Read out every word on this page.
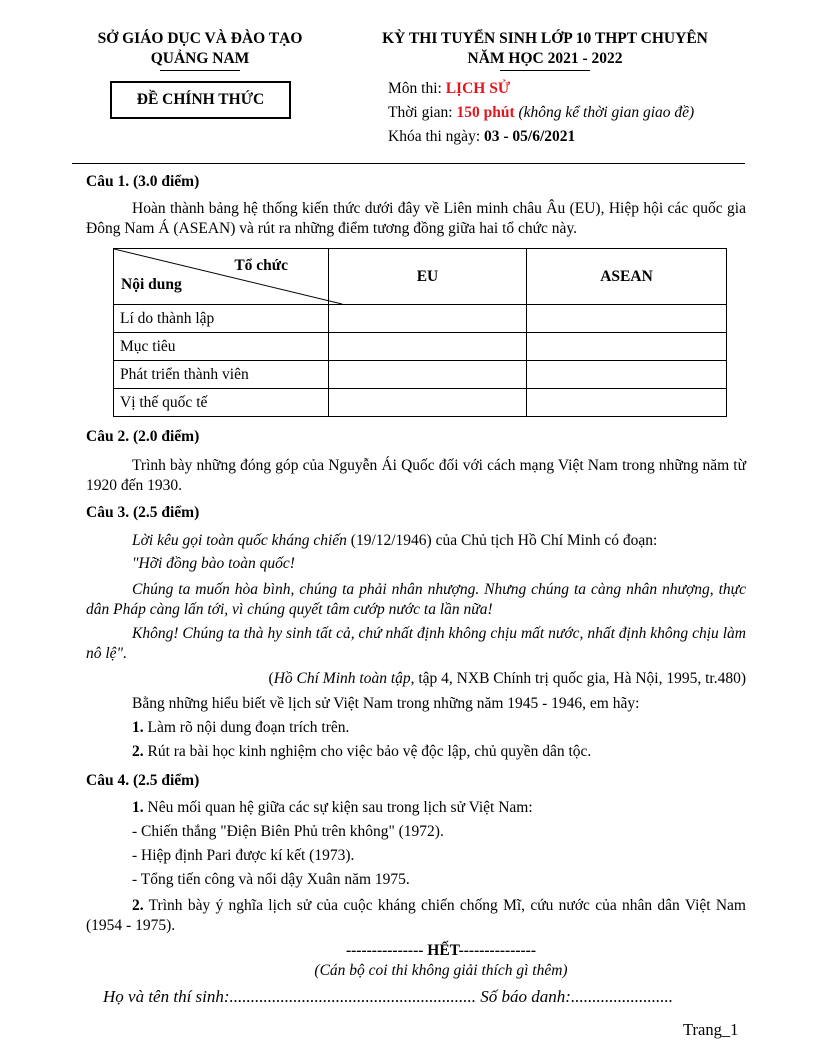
SỞ GIÁO DỤC VÀ ĐÀO TẠO
QUẢNG NAM
ĐỀ CHÍNH THỨC
KỲ THI TUYỂN SINH LỚP 10 THPT CHUYÊN
NĂM HỌC 2021 - 2022
Môn thi: LỊCH SỬ
Thời gian: 150 phút (không kể thời gian giao đề)
Khóa thi ngày: 03 - 05/6/2021
Câu 1. (3.0 điểm)
Hoàn thành bảng hệ thống kiến thức dưới đây về Liên minh châu Âu (EU), Hiệp hội các quốc gia Đông Nam Á (ASEAN) và rút ra những điểm tương đồng giữa hai tổ chức này.
Tổ chức
Nội dung	EU	ASEAN
Lí do thành lập		
Mục tiêu		
Phát triển thành viên		
Vị thế quốc tế		
Câu 2. (2.0 điểm)
Trình bày những đóng góp của Nguyễn Ái Quốc đối với cách mạng Việt Nam trong những năm từ 1920 đến 1930.
Câu 3. (2.5 điểm)
Lời kêu gọi toàn quốc kháng chiến (19/12/1946) của Chủ tịch Hồ Chí Minh có đoạn:
"Hỡi đồng bào toàn quốc!
Chúng ta muốn hòa bình, chúng ta phải nhân nhượng. Nhưng chúng ta càng nhân nhượng, thực dân Pháp càng lấn tới, vì chúng quyết tâm cướp nước ta lần nữa!
Không! Chúng ta thà hy sinh tất cả, chứ nhất định không chịu mất nước, nhất định không chịu làm nô lệ".
(Hồ Chí Minh toàn tập, tập 4, NXB Chính trị quốc gia, Hà Nội, 1995, tr.480)
Bằng những hiểu biết về lịch sử Việt Nam trong những năm 1945 - 1946, em hãy:
1. Làm rõ nội dung đoạn trích trên.
2. Rút ra bài học kinh nghiệm cho việc bảo vệ độc lập, chủ quyền dân tộc.
Câu 4. (2.5 điểm)
1. Nêu mối quan hệ giữa các sự kiện sau trong lịch sử Việt Nam:
- Chiến thắng "Điện Biên Phủ trên không" (1972).
- Hiệp định Pari được kí kết (1973).
- Tổng tiến công và nổi dậy Xuân năm 1975.
2. Trình bày ý nghĩa lịch sử của cuộc kháng chiến chống Mĩ, cứu nước của nhân dân Việt Nam (1954 - 1975).
--------------- HẾT---------------
(Cán bộ coi thi không giải thích gì thêm)
Họ và tên thí sinh:.......................................................... Số báo danh:........................
Trang_1
